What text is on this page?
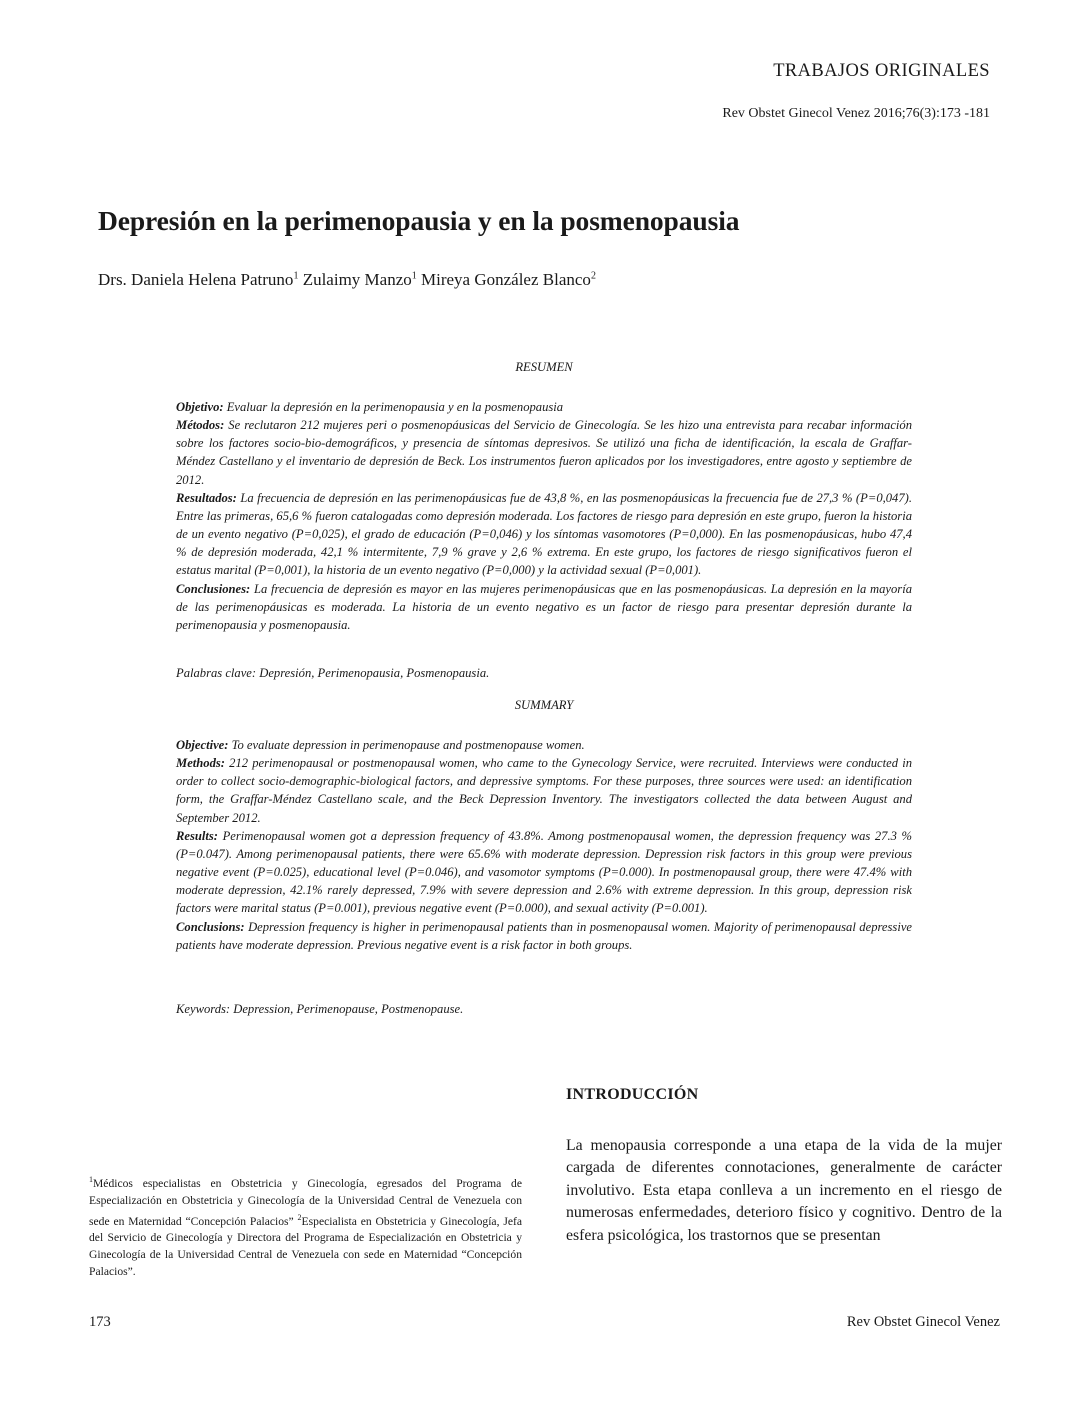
TRABAJOS ORIGINALES
Rev Obstet Ginecol Venez 2016;76(3):173 -181
Depresión en la perimenopausia y en la posmenopausia
Drs. Daniela Helena Patruno$^1$ Zulaimy Manzo$^1$ Mireya González Blanco$^2$
RESUMEN

Objetivo: Evaluar la depresión en la perimenopausia y en la posmenopausia

Métodos: Se reclutaron 212 mujeres peri o posmenopáusicas del Servicio de Ginecología. Se les hizo una entrevista para recabar información sobre los factores socio-bio-demográficos, y presencia de síntomas depresivos. Se utilizó una ficha de identificación, la escala de Graffar-Méndez Castellano y el inventario de depresión de Beck. Los instrumentos fueron aplicados por los investigadores, entre agosto y septiembre de 2012.

Resultados: La frecuencia de depresión en las perimenopáusicas fue de 43,8 %, en las posmenopáusicas la frecuencia fue de 27,3 % (P=0,047). Entre las primeras, 65,6 % fueron catalogadas como depresión moderada. Los factores de riesgo para depresión en este grupo, fueron la historia de un evento negativo (P=0,025), el grado de educación (P=0,046) y los síntomas vasomotores (P=0,000). En las posmenopáusicas, hubo 47,4 % de depresión moderada, 42,1 % intermitente, 7,9 % grave y 2,6 % extrema. En este grupo, los factores de riesgo significativos fueron el estatus marital (P=0,001), la historia de un evento negativo (P=0,000) y la actividad sexual (P=0,001).

Conclusiones: La frecuencia de depresión es mayor en las mujeres perimenopáusicas que en las posmenopáusicas. La depresión en la mayoría de las perimenopáusicas es moderada. La historia de un evento negativo es un factor de riesgo para presentar depresión durante la perimenopausia y posmenopausia.

Palabras clave: Depresión, Perimenopausia, Posmenopausia.
SUMMARY

Objective: To evaluate depression in perimenopause and postmenopause women.

Methods: 212 perimenopausal or postmenopausal women, who came to the Gynecology Service, were recruited. Interviews were conducted in order to collect socio-demographic-biological factors, and depressive symptoms. For these purposes, three sources were used: an identification form, the Graffar-Méndez Castellano scale, and the Beck Depression Inventory. The investigators collected the data between August and September 2012.

Results: Perimenopausal women got a depression frequency of 43.8%. Among postmenopausal women, the depression frequency was 27.3 % (P=0.047). Among perimenopausal patients, there were 65.6% with moderate depression. Depression risk factors in this group were previous negative event (P=0.025), educational level (P=0.046), and vasomotor symptoms (P=0.000). In postmenopausal group, there were 47.4% with moderate depression, 42.1% rarely depressed, 7.9% with severe depression and 2.6% with extreme depression. In this group, depression risk factors were marital status (P=0.001), previous negative event (P=0.000), and sexual activity (P=0.001).

Conclusions: Depression frequency is higher in perimenopausal patients than in posmenopausal women. Majority of perimenopausal depressive patients have moderate depression. Previous negative event is a risk factor in both groups.

Keywords: Depression, Perimenopause, Postmenopause.
INTRODUCCIÓN
La menopausia corresponde a una etapa de la vida de la mujer cargada de diferentes connotaciones, generalmente de carácter involutivo. Esta etapa conlleva a un incremento en el riesgo de numerosas enfermedades, deterioro físico y cognitivo. Dentro de la esfera psicológica, los trastornos que se presentan
$^1$Médicos especialistas en Obstetricia y Ginecología, egresados del Programa de Especialización en Obstetricia y Ginecología de la Universidad Central de Venezuela con sede en Maternidad “Concepción Palacios” $^2$Especialista en Obstetricia y Ginecología, Jefa del Servicio de Ginecología y Directora del Programa de Especialización en Obstetricia y Ginecología de la Universidad Central de Venezuela con sede en Maternidad “Concepción Palacios”.
173	Rev Obstet Ginecol Venez
